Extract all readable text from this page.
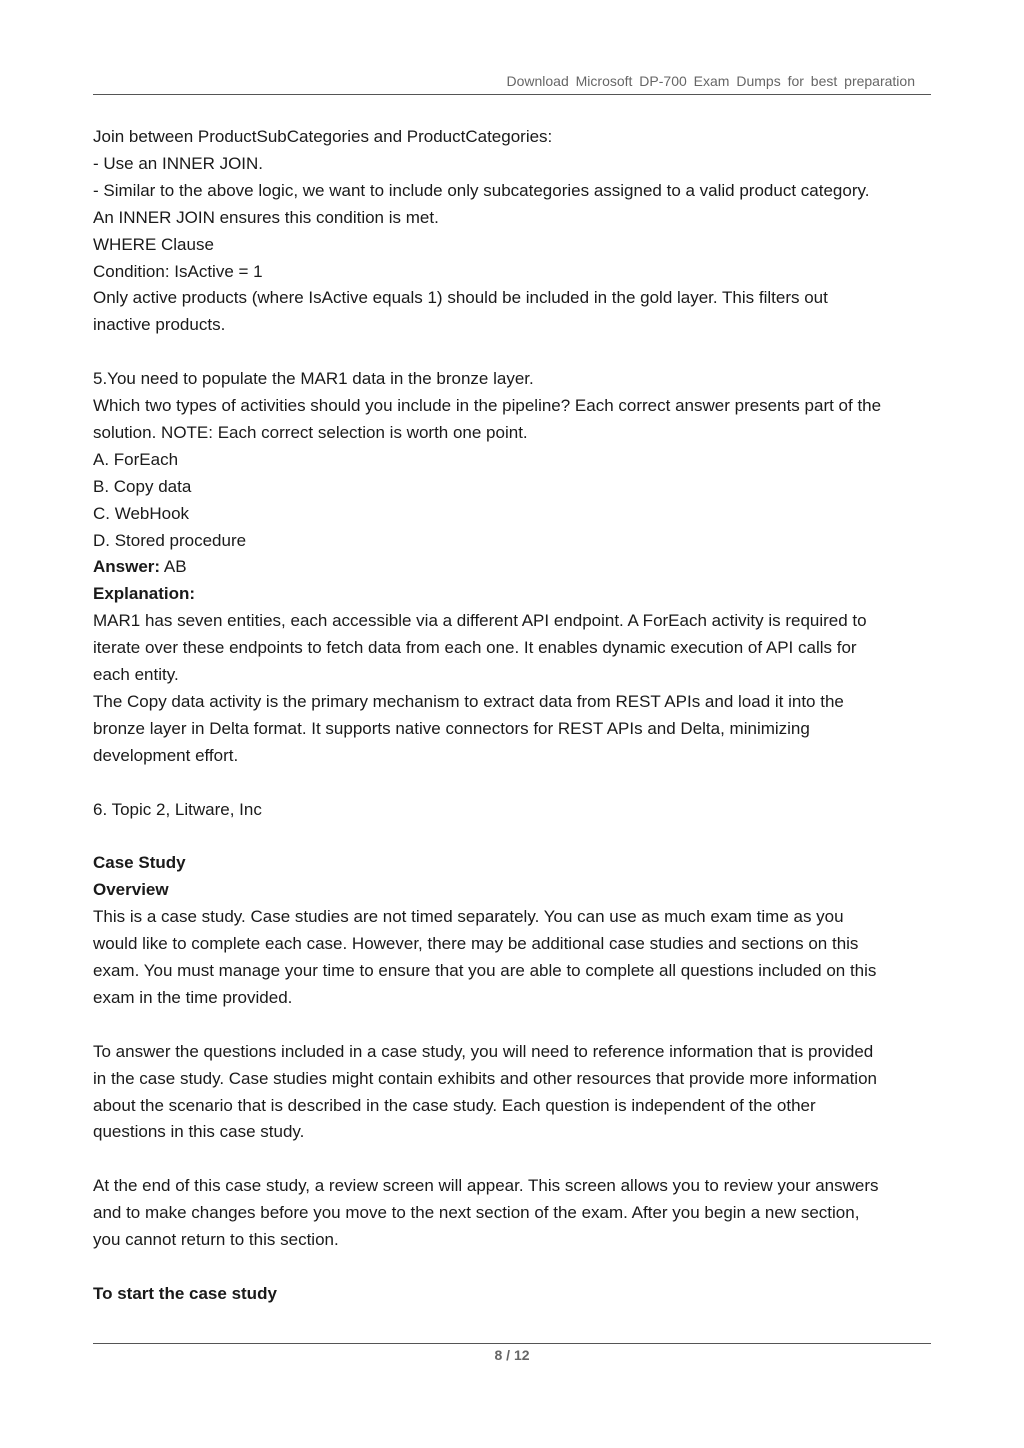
Download Microsoft DP-700 Exam Dumps for best preparation
Join between ProductSubCategories and ProductCategories:
- Use an INNER JOIN.
- Similar to the above logic, we want to include only subcategories assigned to a valid product category.
An INNER JOIN ensures this condition is met.
WHERE Clause
Condition: IsActive = 1
Only active products (where IsActive equals 1) should be included in the gold layer. This filters out
inactive products.
5.You need to populate the MAR1 data in the bronze layer.
Which two types of activities should you include in the pipeline? Each correct answer presents part of the
solution. NOTE: Each correct selection is worth one point.
A. ForEach
B. Copy data
C. WebHook
D. Stored procedure
Answer: AB
Explanation:
MAR1 has seven entities, each accessible via a different API endpoint. A ForEach activity is required to
iterate over these endpoints to fetch data from each one. It enables dynamic execution of API calls for
each entity.
The Copy data activity is the primary mechanism to extract data from REST APIs and load it into the
bronze layer in Delta format. It supports native connectors for REST APIs and Delta, minimizing
development effort.
6. Topic 2, Litware, Inc
Case Study
Overview
This is a case study. Case studies are not timed separately. You can use as much exam time as you
would like to complete each case. However, there may be additional case studies and sections on this
exam. You must manage your time to ensure that you are able to complete all questions included on this
exam in the time provided.
To answer the questions included in a case study, you will need to reference information that is provided
in the case study. Case studies might contain exhibits and other resources that provide more information
about the scenario that is described in the case study. Each question is independent of the other
questions in this case study.
At the end of this case study, a review screen will appear. This screen allows you to review your answers
and to make changes before you move to the next section of the exam. After you begin a new section,
you cannot return to this section.
To start the case study
8 / 12
